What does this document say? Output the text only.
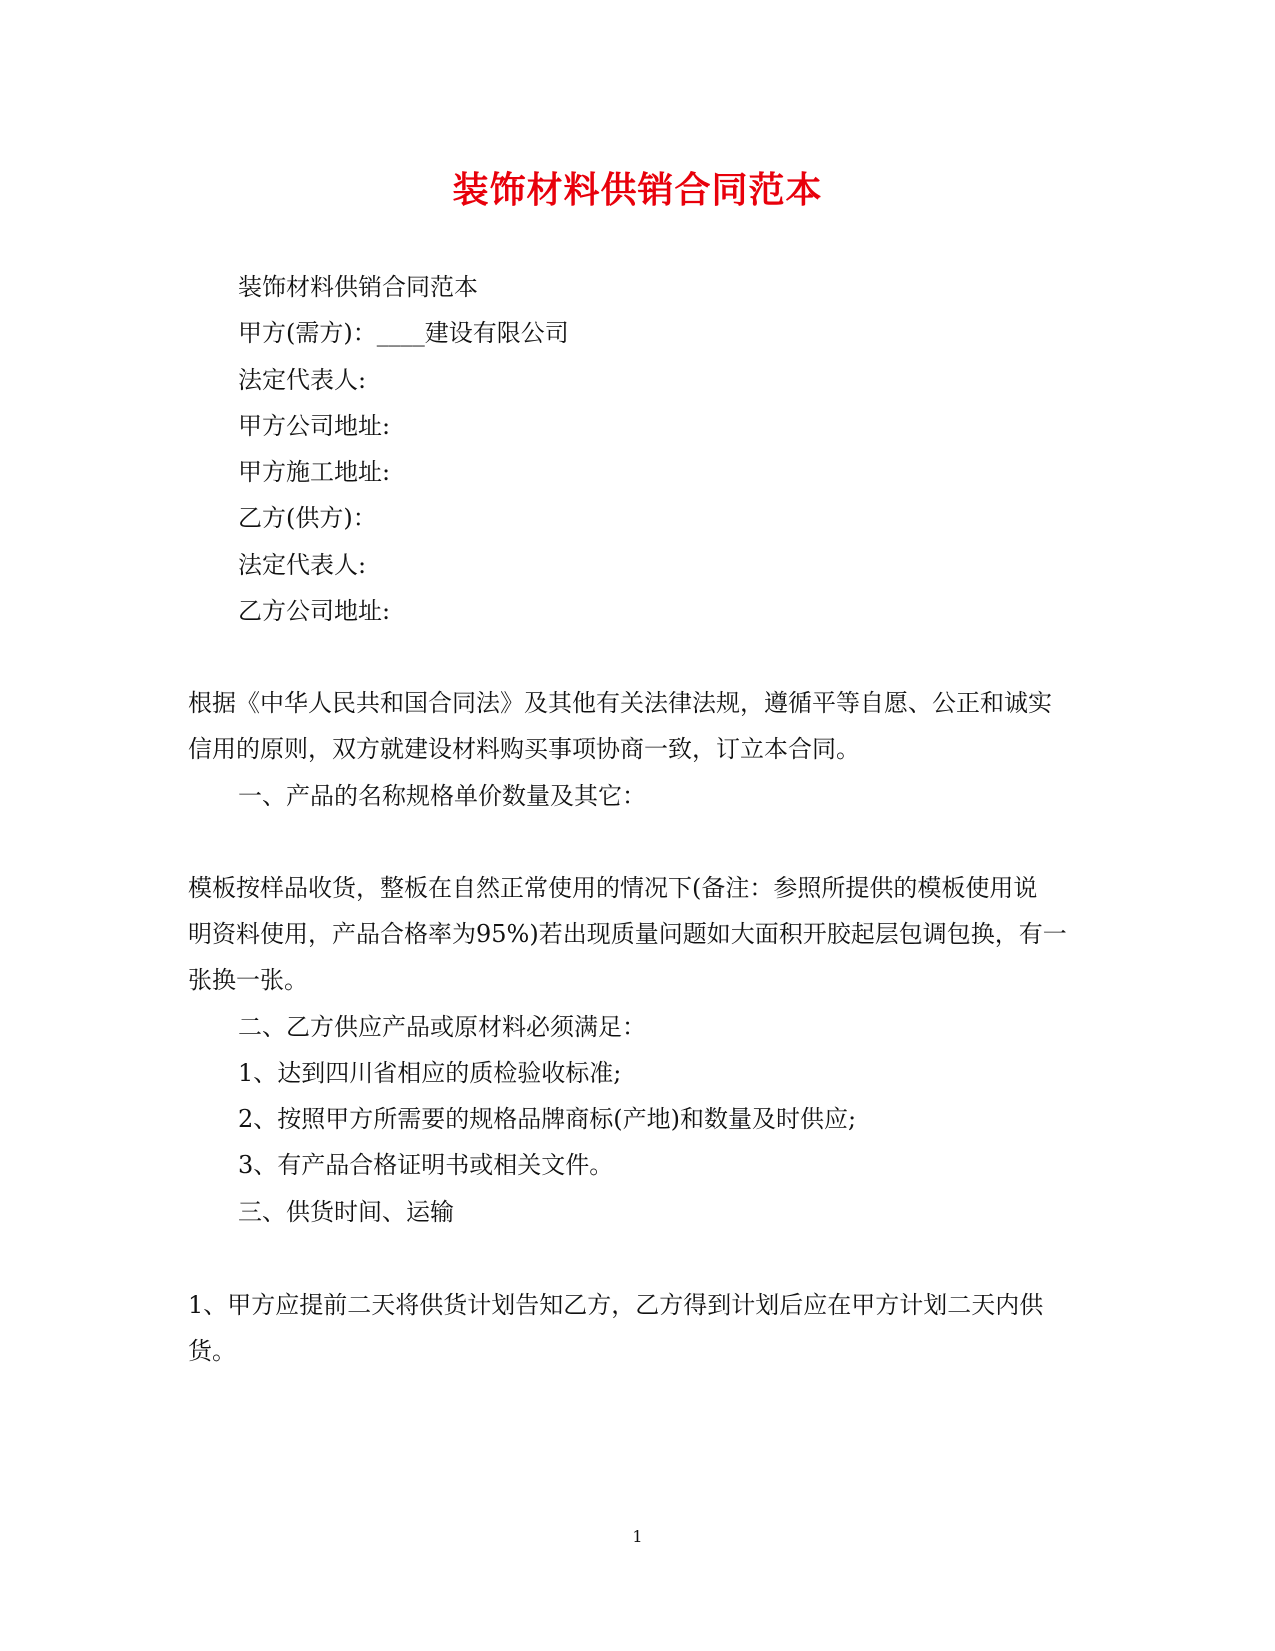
装饰材料供销合同范本
装饰材料供销合同范本
甲方(需方)：____建设有限公司
法定代表人:
甲方公司地址:
甲方施工地址:
乙方(供方)：
法定代表人:
乙方公司地址:
根据《中华人民共和国合同法》及其他有关法律法规，遵循平等自愿、公正和诚实
信用的原则，双方就建设材料购买事项协商一致，订立本合同。
一、产品的名称规格单价数量及其它：
模板按样品收货，整板在自然正常使用的情况下(备注：参照所提供的模板使用说
明资料使用，产品合格率为95%)若出现质量问题如大面积开胶起层包调包换，有一
张换一张。
二、乙方供应产品或原材料必须满足：
1、达到四川省相应的质检验收标准;
2、按照甲方所需要的规格品牌商标(产地)和数量及时供应;
3、有产品合格证明书或相关文件。
三、供货时间、运输
1、甲方应提前二天将供货计划告知乙方，乙方得到计划后应在甲方计划二天内供
货。
1
